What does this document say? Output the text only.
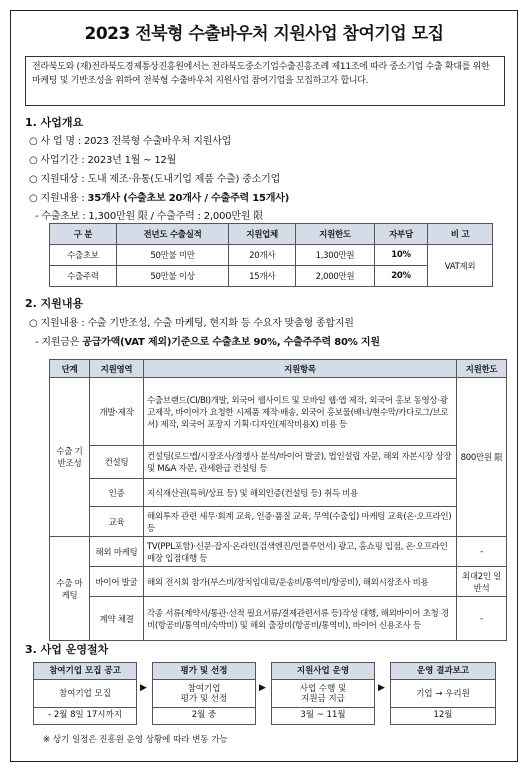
2023 전북형 수출바우처 지원사업 참여기업 모집
전라북도와 (재)전라북도경제통상진흥원에서는 전라북도중소기업수출진흥조례 제11조에 따라 중소기업 수출 확대를 위한 마케팅 및 기반조성을 위하여 전북형 수출바우처 지원사업 참여기업을 모집하고자 합니다.
1. 사업개요
○ 사 업 명 : 2023 전북형 수출바우처 지원사업
○ 사업기간 : 2023년 1월 ~ 12월
○ 지원대상 : 도내 제조·유통(도내기업 제품 수출) 중소기업
○ 지원내용 : 35개사 (수출초보 20개사 / 수출주력 15개사)
- 수출초보 : 1,300만원 限 / 수출주력 : 2,000만원 限
구 분	전년도 수출실적	지원업체	지원한도	자부담	비 고
수출초보	50만불 미만	20개사	1,300만원	10%	VAT제외
수출주력	50만불 이상	15개사	2,000만원	20%	
2. 지원내용
○ 지원내용 : 수출 기반조성, 수출 마케팅, 현지화 등 수요자 맞춤형 종합지원
- 지원금은 공급가액(VAT 제외)기준으로 수출초보 90%, 수출주주력 80% 지원
단계	지원영역	지원항목	지원한도
수출 기반조성	개발·제작	수출브랜드(CI/BI)개발, 외국어 웹사이트 및 모바일 웹·앱 제작, 외국어 홍보 동영상·광고제작, 바이어가 요청한 시제품 제작·배송, 외국어 홍보물(배너/현수막/카다로그/브로셔) 제작, 외국어 포장지 기획·디자인(제작비용X) 비용 등	800만원 限
	컨설팅	컨설팅(로드맵/시장조사/경쟁사 분석/바이어 발굴), 법인설립 자문, 해외 자본시장 상장 및 M&A 자문, 관세환급 컨설팅 등	
	인증	지식재산권(특허/상표 등) 및 해외인증(컨설팅 등) 취득 비용	
	교육	해외투자 관련 세무·회계 교육, 인증·품질 교육, 무역(수출입) 마케팅 교육(온·오프라인) 등	
수출 마케팅	해외 마케팅	TV(PPL포함)·신문·잡지·온라인(검색엔진/인플루언서) 광고, 홈쇼핑 입점, 온·오프라인매장 입점대행 등	-
	바이어 발굴	해외 전시회 참가(부스비/장치임대료/운송비/통역비/항공비), 해외시장조사 비용	최대2인 일반석
	계약 체결	각종 서류(계약서/통관·선적 필요서류/결제관련서류 등)작성 대행, 해외바이어 초청 경비(항공비/통역비/숙박비) 및 해외 출장비(항공비/통역비), 바이어 신용조사 등	-
3. 사업 운영절차
참여기업 모집 공고
참여기업 모집
- 2월 8일 17시까지
▶
평가 및 선정
참여기업
평가 및 선정
2월 중
▶
지원사업 운영
사업 수행 및
지원금 지급
3월 ~ 11월
▶
운영 결과보고
기업 → 우리원
12월
※ 상기 일정은 진흥원 운영 상황에 따라 변동 가능
